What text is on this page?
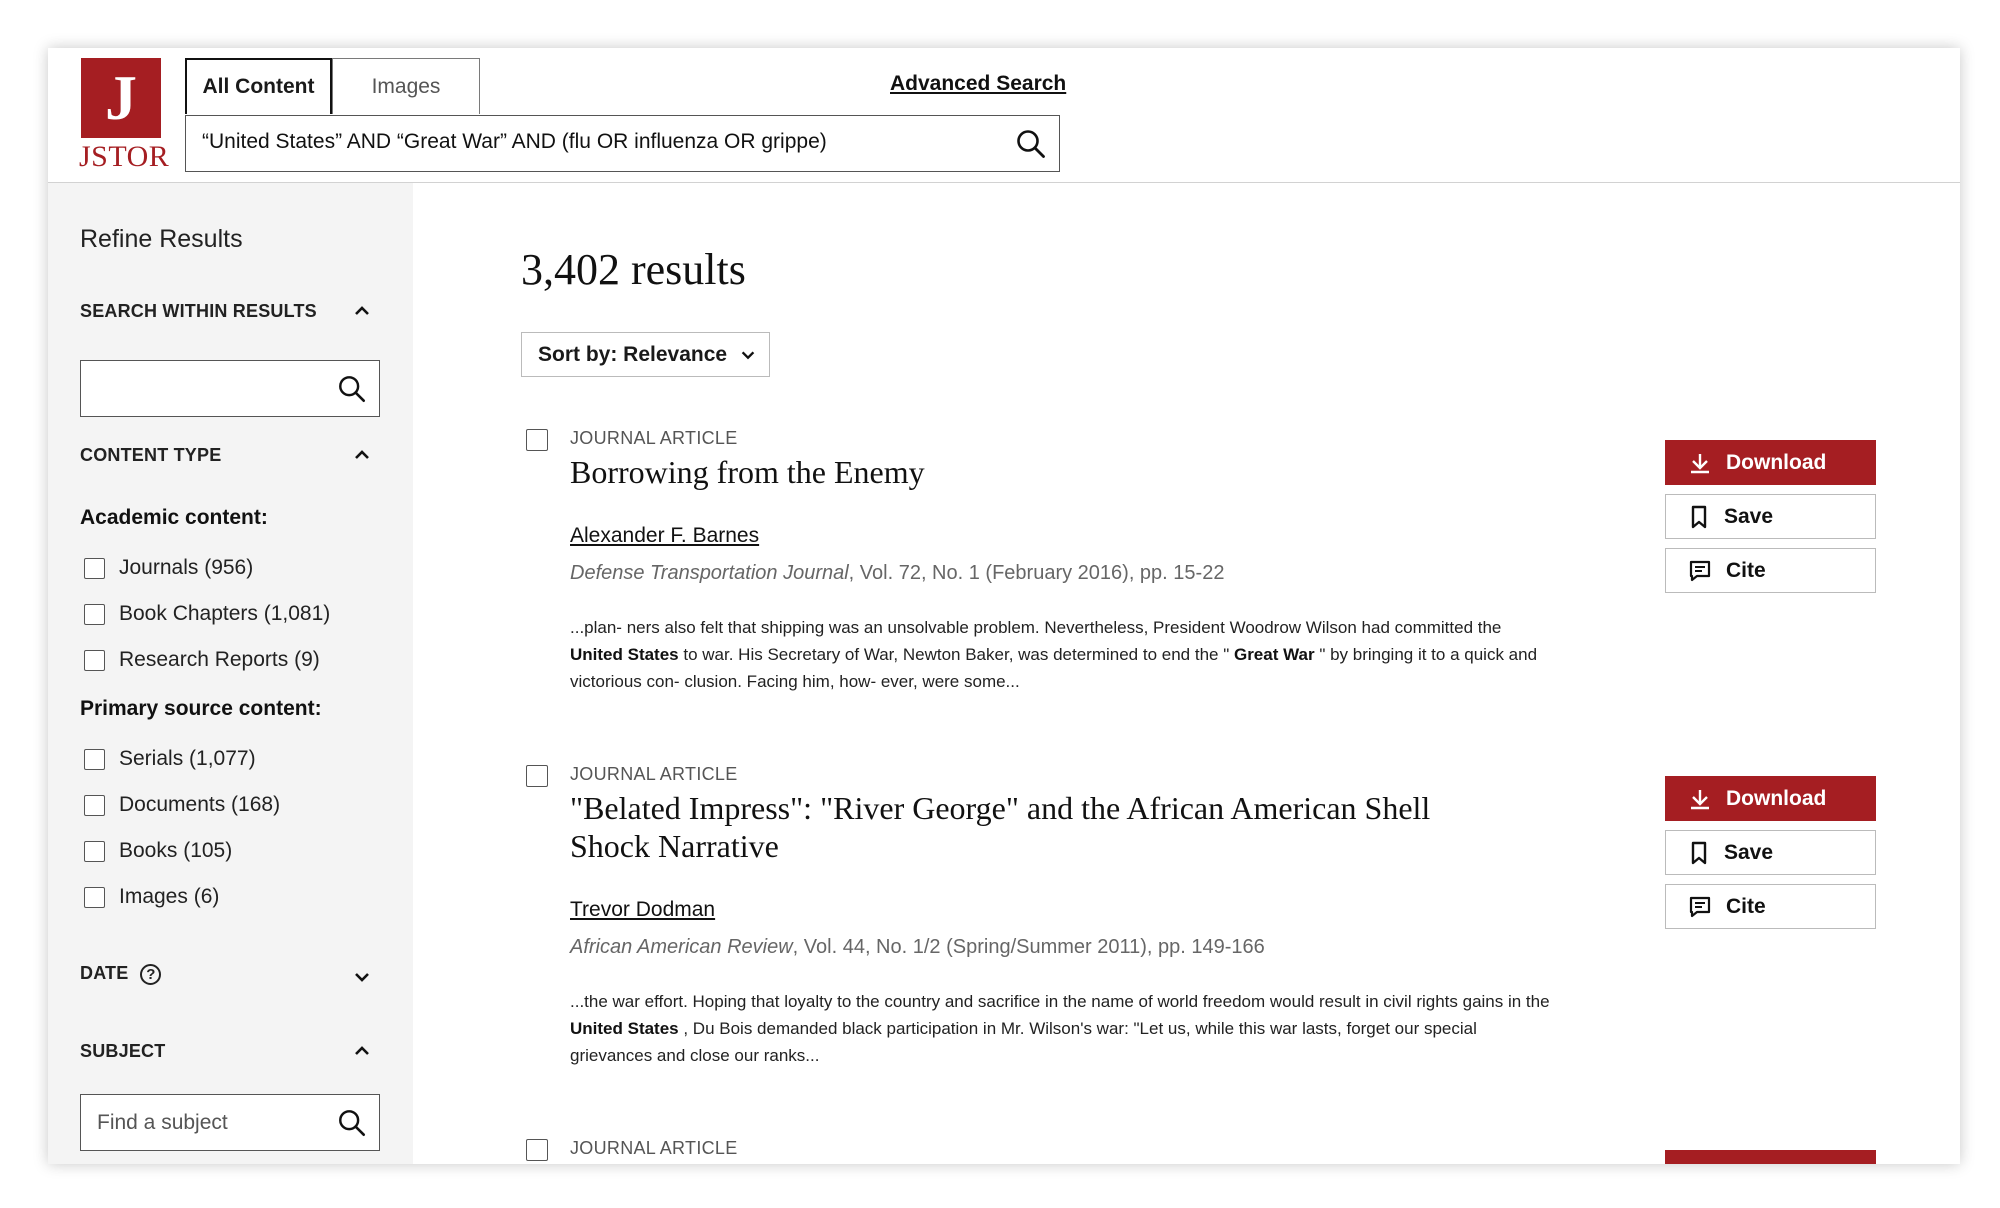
J
JSTOR
All Content	Images	Advanced Search
“United States” AND “Great War” AND (flu OR influenza OR grippe)
Refine Results
SEARCH WITHIN RESULTS
CONTENT TYPE
Academic content:
Journals (956)
Book Chapters (1,081)
Research Reports (9)
Primary source content:
Serials (1,077)
Documents (168)
Books (105)
Images (6)
DATE ?
SUBJECT
Find a subject
3,402 results
Sort by: Relevance
JOURNAL ARTICLE
Borrowing from the Enemy
Alexander F. Barnes
Defense Transportation Journal, Vol. 72, No. 1 (February 2016), pp. 15-22
...plan- ners also felt that shipping was an unsolvable problem. Nevertheless, President Woodrow Wilson had committed the United States to war. His Secretary of War, Newton Baker, was determined to end the " Great War " by bringing it to a quick and victorious con- clusion. Facing him, how- ever, were some...
Download
Save
Cite
JOURNAL ARTICLE
"Belated Impress": "River George" and the African American Shell Shock Narrative
Trevor Dodman
African American Review, Vol. 44, No. 1/2 (Spring/Summer 2011), pp. 149-166
...the war effort. Hoping that loyalty to the country and sacrifice in the name of world freedom would result in civil rights gains in the United States , Du Bois demanded black participation in Mr. Wilson's war: "Let us, while this war lasts, forget our special grievances and close our ranks...
Download
Save
Cite
JOURNAL ARTICLE
